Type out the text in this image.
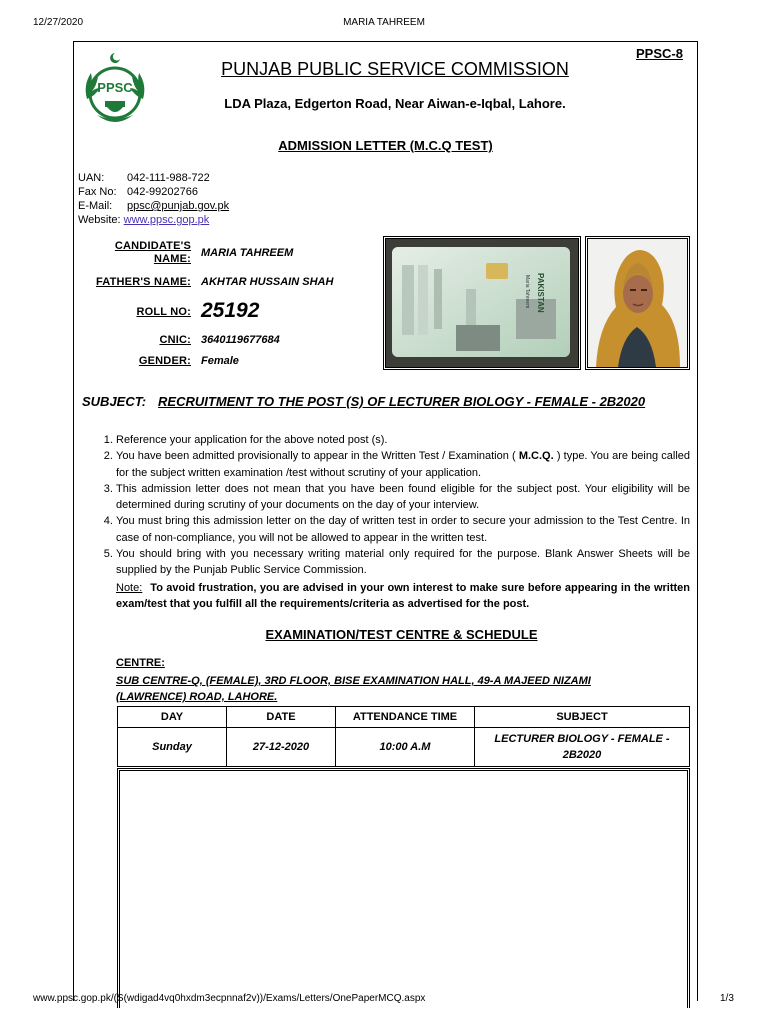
12/27/2020	MARIA TAHREEM
PPSC
PPSC-8
PUNJAB PUBLIC SERVICE COMMISSION
LDA Plaza, Edgerton Road, Near Aiwan-e-Iqbal, Lahore.
ADMISSION LETTER (M.C.Q TEST)
UAN: 042-111-988-722
Fax No: 042-99202766
E-Mail: ppsc@punjab.gov.pk
Website: www.ppsc.gop.pk
CANDIDATE'S NAME: MARIA TAHREEM
FATHER'S NAME: AKHTAR HUSSAIN SHAH
ROLL NO: 25192
CNIC: 3640119677684
GENDER: Female
PAKISTAN
Maria Tahreem
SUBJECT: RECRUITMENT TO THE POST (S) OF LECTURER BIOLOGY - FEMALE - 2B2020
1. Reference your application for the above noted post (s).
2. You have been admitted provisionally to appear in the Written Test / Examination ( M.C.Q. ) type. You are being called for the subject written examination /test without scrutiny of your application.
3. This admission letter does not mean that you have been found eligible for the subject post. Your eligibility will be determined during scrutiny of your documents on the day of your interview.
4. You must bring this admission letter on the day of written test in order to secure your admission to the Test Centre. In case of non-compliance, you will not be allowed to appear in the written test.
5. You should bring with you necessary writing material only required for the purpose. Blank Answer Sheets will be supplied by the Punjab Public Service Commission.
Note: To avoid frustration, you are advised in your own interest to make sure before appearing in the written exam/test that you fulfill all the requirements/criteria as advertised for the post.
EXAMINATION/TEST CENTRE & SCHEDULE
CENTRE:
SUB CENTRE-Q, (FEMALE), 3RD FLOOR, BISE EXAMINATION HALL, 49-A MAJEED NIZAMI (LAWRENCE) ROAD, LAHORE.
DAY	DATE	ATTENDANCE TIME	SUBJECT
Sunday	27-12-2020	10:00 A.M	LECTURER BIOLOGY - FEMALE - 2B2020
www.ppsc.gop.pk/(S(wdigad4vq0hxdm3ecpnnaf2v))/Exams/Letters/OnePaperMCQ.aspx	1/3
